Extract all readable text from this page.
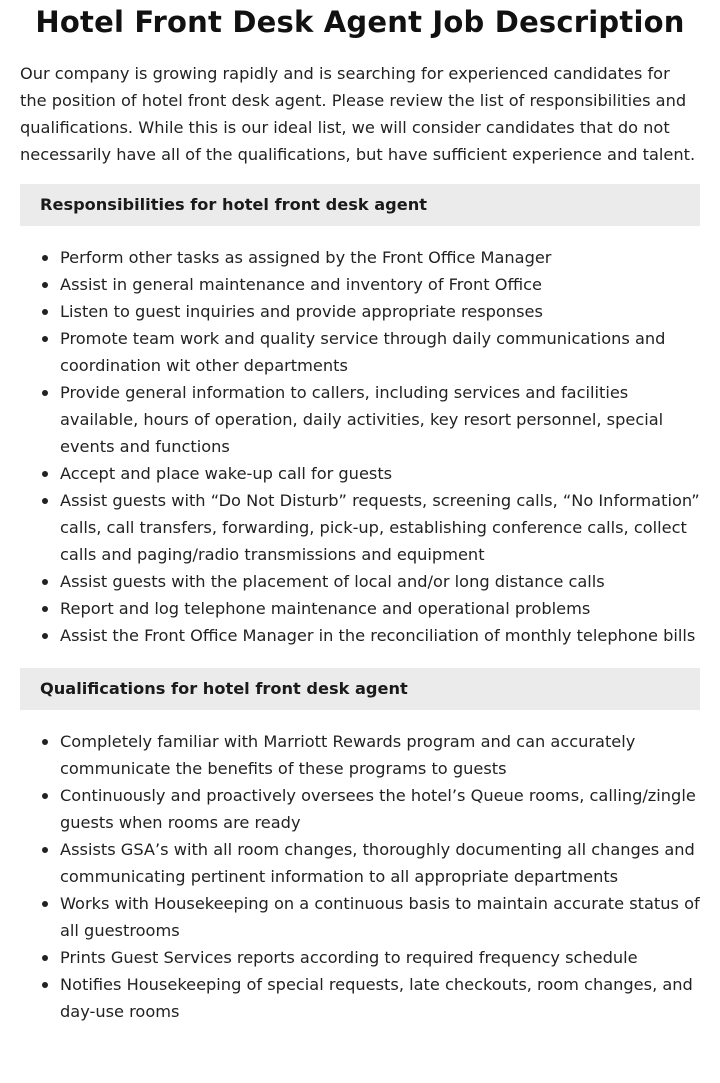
Hotel Front Desk Agent Job Description

Our company is growing rapidly and is searching for experienced candidates for the position of hotel front desk agent. Please review the list of responsibilities and qualifications. While this is our ideal list, we will consider candidates that do not necessarily have all of the qualifications, but have sufficient experience and talent.

Responsibilities for hotel front desk agent
Perform other tasks as assigned by the Front Office Manager
Assist in general maintenance and inventory of Front Office
Listen to guest inquiries and provide appropriate responses
Promote team work and quality service through daily communications and coordination wit other departments
Provide general information to callers, including services and facilities available, hours of operation, daily activities, key resort personnel, special events and functions
Accept and place wake-up call for guests
Assist guests with “Do Not Disturb” requests, screening calls, “No Information” calls, call transfers, forwarding, pick-up, establishing conference calls, collect calls and paging/radio transmissions and equipment
Assist guests with the placement of local and/or long distance calls
Report and log telephone maintenance and operational problems
Assist the Front Office Manager in the reconciliation of monthly telephone bills
Qualifications for hotel front desk agent
Completely familiar with Marriott Rewards program and can accurately communicate the benefits of these programs to guests
Continuously and proactively oversees the hotel’s Queue rooms, calling/zingle guests when rooms are ready
Assists GSA’s with all room changes, thoroughly documenting all changes and communicating pertinent information to all appropriate departments
Works with Housekeeping on a continuous basis to maintain accurate status of all guestrooms
Prints Guest Services reports according to required frequency schedule
Notifies Housekeeping of special requests, late checkouts, room changes, and day-use rooms
